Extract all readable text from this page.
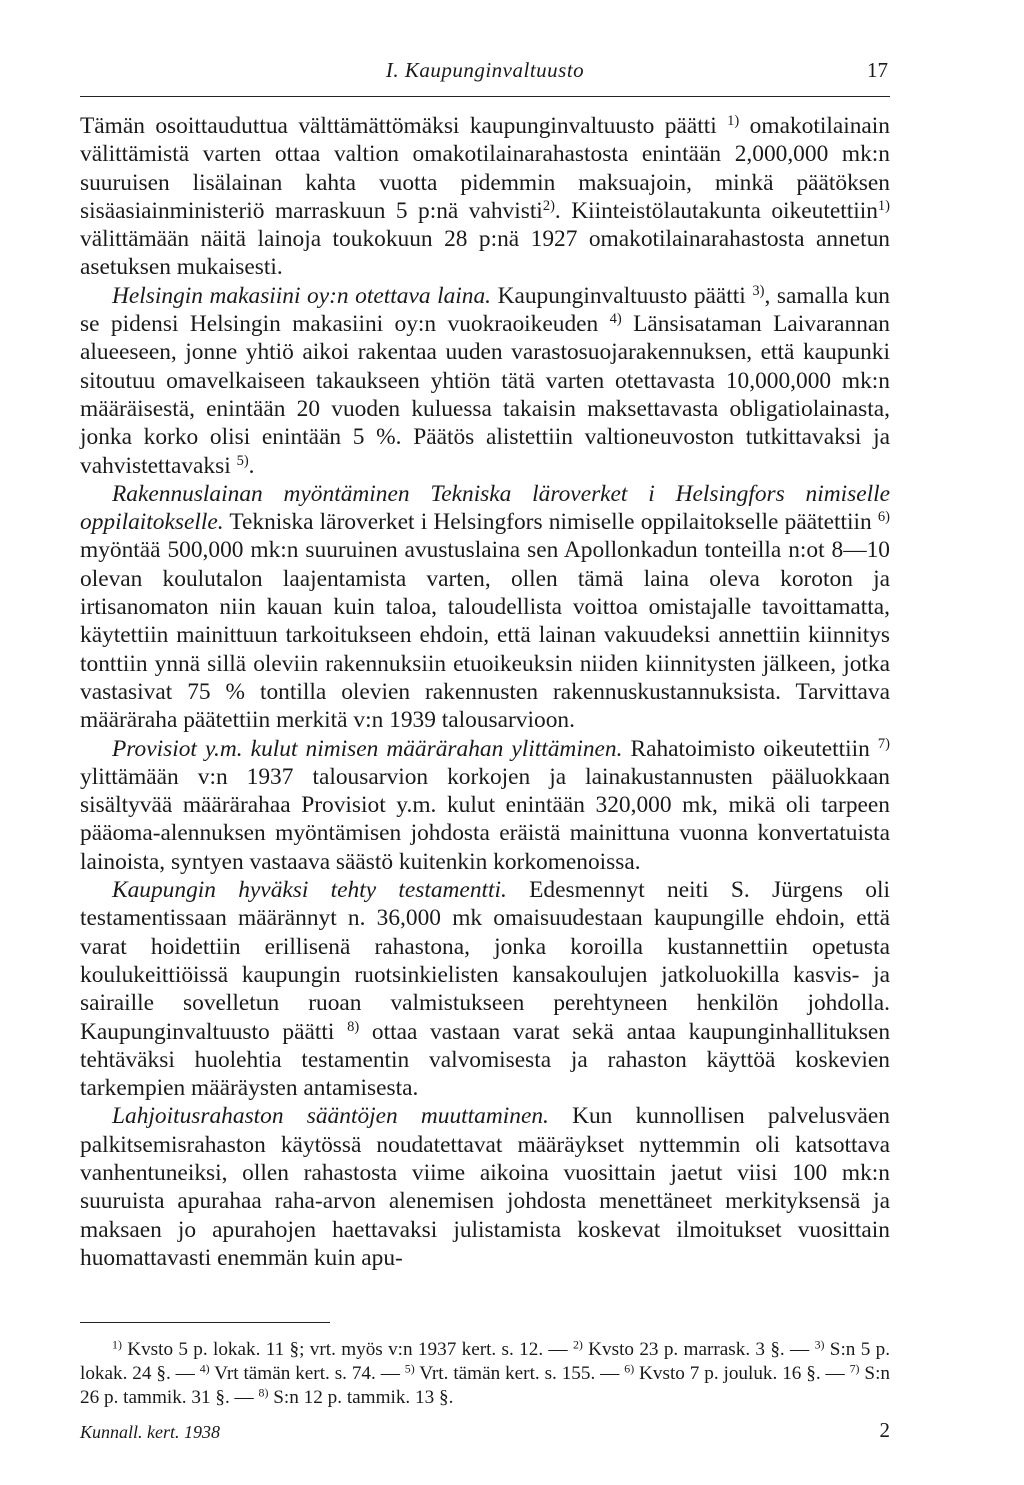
I. Kaupunginvaltuusto	17

Tämän osoittauduttua välttämättömäksi kaupunginvaltuusto päätti $^{1)}$ omakotilainain välittämistä varten ottaa valtion omakotilainarahastosta enintään 2,000,000 mk:n suuruisen lisälainan kahta vuotta pidemmin maksuajoin, minkä päätöksen sisäasiainministeriö marraskuun 5 p:nä vahvisti$^{2)}$. Kiinteistölautakunta oikeutettiin$^{1)}$ välittämään näitä lainoja toukokuun 28 p:nä 1927 omakotilainarahastosta annetun asetuksen mukaisesti.

Helsingin makasiini oy:n otettava laina. Kaupunginvaltuusto päätti $^{3)}$, samalla kun se pidensi Helsingin makasiini oy:n vuokraoikeuden $^{4)}$ Länsisataman Laivarannan alueeseen, jonne yhtiö aikoi rakentaa uuden varastosuojarakennuksen, että kaupunki sitoutuu omavelkaiseen takaukseen yhtiön tätä varten otettavasta 10,000,000 mk:n määräisestä, enintään 20 vuoden kuluessa takaisin maksettavasta obligatiolainasta, jonka korko olisi enintään 5 %. Päätös alistettiin valtioneuvoston tutkittavaksi ja vahvistettavaksi $^{5)}$.

Rakennuslainan myöntäminen Tekniska läroverket i Helsingfors nimiselle oppilaitokselle. Tekniska läroverket i Helsingfors nimiselle oppilaitokselle päätettiin $^{6)}$ myöntää 500,000 mk:n suuruinen avustuslaina sen Apollonkadun tonteilla n:ot 8—10 olevan koulutalon laajentamista varten, ollen tämä laina oleva koroton ja irtisanomaton niin kauan kuin taloa, taloudellista voittoa omistajalle tavoittamatta, käytettiin mainittuun tarkoitukseen ehdoin, että lainan vakuudeksi annettiin kiinnitys tonttiin ynnä sillä oleviin rakennuksiin etuoikeuksin niiden kiinnitysten jälkeen, jotka vastasivat 75 % tontilla olevien rakennusten rakennuskustannuksista. Tarvittava määräraha päätettiin merkitä v:n 1939 talousarvioon.

Provisiot y.m. kulut nimisen määrärahan ylittäminen. Rahatoimisto oikeutettiin $^{7)}$ ylittämään v:n 1937 talousarvion korkojen ja lainakustannusten pääluokkaan sisältyvää määrärahaa Provisiot y.m. kulut enintään 320,000 mk, mikä oli tarpeen pääoma-alennuksen myöntämisen johdosta eräistä mainittuna vuonna konvertatuista lainoista, syntyen vastaava säästö kuitenkin korkomenoissa.

Kaupungin hyväksi tehty testamentti. Edesmennyt neiti S. Jürgens oli testamentissaan määrännyt n. 36,000 mk omaisuudestaan kaupungille ehdoin, että varat hoidettiin erillisenä rahastona, jonka koroilla kustannettiin opetusta koulukeittiöissä kaupungin ruotsinkielisten kansakoulujen jatkoluokilla kasvis- ja sairaille sovelletun ruoan valmistukseen perehtyneen henkilön johdolla. Kaupunginvaltuusto päätti $^{8)}$ ottaa vastaan varat sekä antaa kaupunginhallituksen tehtäväksi huolehtia testamentin valvomisesta ja rahaston käyttöä koskevien tarkempien määräysten antamisesta.

Lahjoitusrahaston sääntöjen muuttaminen. Kun kunnollisen palvelusväen palkitsemisrahaston käytössä noudatettavat määräykset nyttemmin oli katsottava vanhentuneiksi, ollen rahastosta viime aikoina vuosittain jaetut viisi 100 mk:n suuruista apurahaa raha-arvon alenemisen johdosta menettäneet merkityksensä ja maksaen jo apurahojen haettavaksi julistamista koskevat ilmoitukset vuosittain huomattavasti enemmän kuin apu-

$^{1)}$ Kvsto 5 p. lokak. 11 §; vrt. myös v:n 1937 kert. s. 12. — $^{2)}$ Kvsto 23 p. marrask. 3 §. — $^{3)}$ S:n 5 p. lokak. 24 §. — $^{4)}$ Vrt tämän kert. s. 74. — $^{5)}$ Vrt. tämän kert. s. 155. — $^{6)}$ Kvsto 7 p. jouluk. 16 §. — $^{7)}$ S:n 26 p. tammik. 31 §. — $^{8)}$ S:n 12 p. tammik. 13 §.

Kunnall. kert. 1938	2
